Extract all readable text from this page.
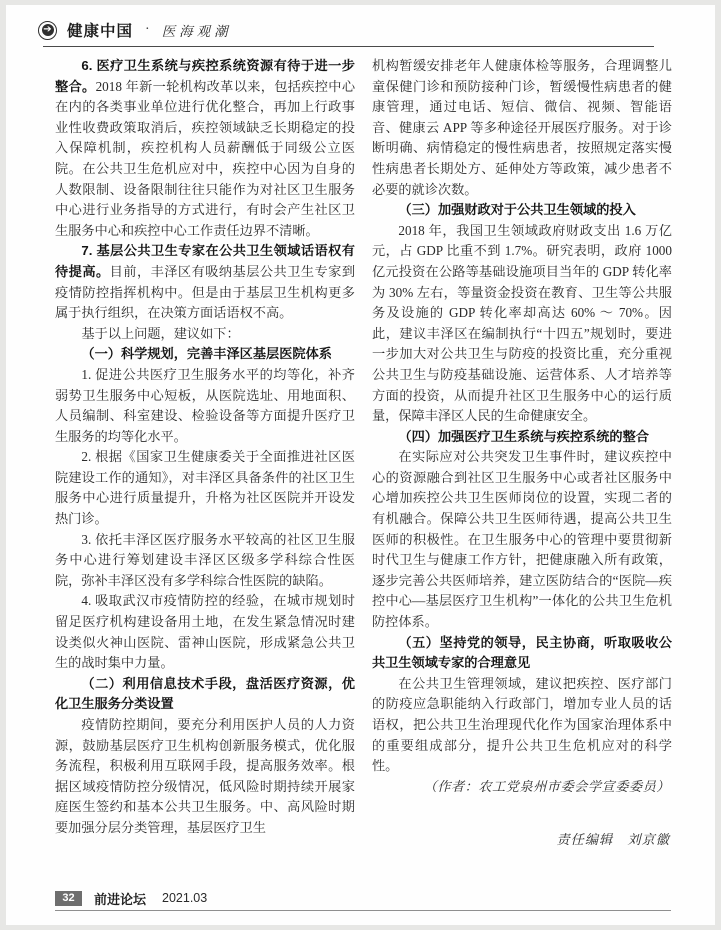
➔ 健康中国 · 医海观潮

6. 医疗卫生系统与疾控系统资源有待于进一步整合。2018 年新一轮机构改革以来，包括疾控中心在内的各类事业单位进行优化整合，再加上行政事业性收费政策取消后，疾控领域缺乏长期稳定的投入保障机制，疾控机构人员薪酬低于同级公立医院。在公共卫生危机应对中，疾控中心因为自身的人数限制、设备限制往往只能作为对社区卫生服务中心进行业务指导的方式进行，有时会产生社区卫生服务中心和疾控中心工作责任边界不清晰。

7. 基层公共卫生专家在公共卫生领域话语权有待提高。目前，丰泽区有吸纳基层公共卫生专家到疫情防控指挥机构中。但是由于基层卫生机构更多属于执行组织，在决策方面话语权不高。

基于以上问题，建议如下：

（一）科学规划，完善丰泽区基层医院体系

1. 促进公共医疗卫生服务水平的均等化，补齐弱势卫生服务中心短板，从医院选址、用地面积、人员编制、科室建设、检验设备等方面提升医疗卫生服务的均等化水平。

2. 根据《国家卫生健康委关于全面推进社区医院建设工作的通知》，对丰泽区具备条件的社区卫生服务中心进行质量提升，升格为社区医院并开设发热门诊。

3. 依托丰泽区医疗服务水平较高的社区卫生服务中心进行筹划建设丰泽区区级多学科综合性医院，弥补丰泽区没有多学科综合性医院的缺陷。

4. 吸取武汉市疫情防控的经验，在城市规划时留足医疗机构建设备用土地，在发生紧急情况时建设类似火神山医院、雷神山医院，形成紧急公共卫生的战时集中力量。

（二）利用信息技术手段，盘活医疗资源，优化卫生服务分类设置

疫情防控期间，要充分利用医护人员的人力资源，鼓励基层医疗卫生机构创新服务模式，优化服务流程，积极利用互联网手段，提高服务效率。根据区域疫情防控分级情况，低风险时期持续开展家庭医生签约和基本公共卫生服务。中、高风险时期要加强分层分类管理，基层医疗卫生

机构暂缓安排老年人健康体检等服务，合理调整儿童保健门诊和预防接种门诊，暂缓慢性病患者的健康管理，通过电话、短信、微信、视频、智能语音、健康云 APP 等多种途径开展医疗服务。对于诊断明确、病情稳定的慢性病患者，按照规定落实慢性病患者长期处方、延伸处方等政策，减少患者不必要的就诊次数。

（三）加强财政对于公共卫生领域的投入

2018 年，我国卫生领域政府财政支出 1.6 万亿元，占 GDP 比重不到 1.7%。研究表明，政府 1000 亿元投资在公路等基础设施项目当年的 GDP 转化率为 30% 左右，等量资金投资在教育、卫生等公共服务及设施的 GDP 转化率却高达 60% ～ 70%。因此，建议丰泽区在编制执行“十四五”规划时，要进一步加大对公共卫生与防疫的投资比重，充分重视公共卫生与防疫基础设施、运营体系、人才培养等方面的投资，从而提升社区卫生服务中心的运行质量，保障丰泽区人民的生命健康安全。

（四）加强医疗卫生系统与疾控系统的整合

在实际应对公共突发卫生事件时，建议疾控中心的资源融合到社区卫生服务中心或者社区服务中心增加疾控公共卫生医师岗位的设置，实现二者的有机融合。保障公共卫生医师待遇，提高公共卫生医师的积极性。在卫生服务中心的管理中要贯彻新时代卫生与健康工作方针，把健康融入所有政策，逐步完善公共医师培养，建立医防结合的“医院—疾控中心—基层医疗卫生机构”一体化的公共卫生危机防控体系。

（五）坚持党的领导，民主协商，听取吸收公共卫生领域专家的合理意见

在公共卫生管理领域，建议把疾控、医疗部门的防疫应急职能纳入行政部门，增加专业人员的话语权，把公共卫生治理现代化作为国家治理体系中的重要组成部分，提升公共卫生危机应对的科学性。

（作者：农工党泉州市委会学宣委委员）

责任编辑　刘京徽

32	前进论坛 2021.03
